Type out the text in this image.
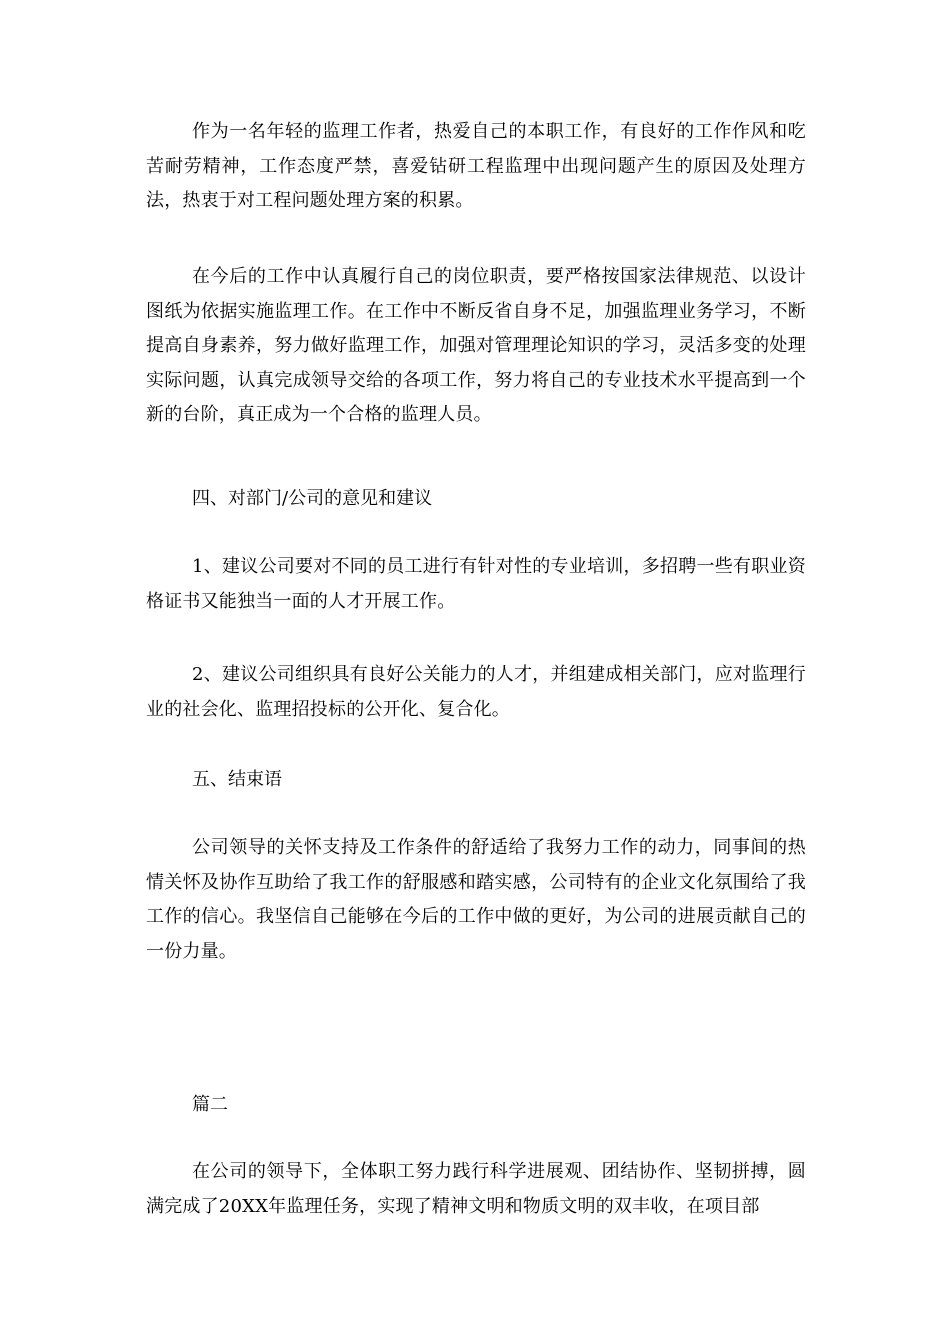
作为一名年轻的监理工作者，热爱自己的本职工作，有良好的工作作风和吃苦耐劳精神，工作态度严禁，喜爱钻研工程监理中出现问题产生的原因及处理方法，热衷于对工程问题处理方案的积累。

在今后的工作中认真履行自己的岗位职责，要严格按国家法律规范、以设计图纸为依据实施监理工作。在工作中不断反省自身不足，加强监理业务学习，不断提高自身素养，努力做好监理工作，加强对管理理论知识的学习，灵活多变的处理实际问题，认真完成领导交给的各项工作，努力将自己的专业技术水平提高到一个新的台阶，真正成为一个合格的监理人员。

四、对部门/公司的意见和建议

1、建议公司要对不同的员工进行有针对性的专业培训，多招聘一些有职业资格证书又能独当一面的人才开展工作。

2、建议公司组织具有良好公关能力的人才，并组建成相关部门，应对监理行业的社会化、监理招投标的公开化、复合化。

五、结束语

公司领导的关怀支持及工作条件的舒适给了我努力工作的动力，同事间的热情关怀及协作互助给了我工作的舒服感和踏实感，公司特有的企业文化氛围给了我工作的信心。我坚信自己能够在今后的工作中做的更好，为公司的进展贡献自己的一份力量。

篇二

在公司的领导下，全体职工努力践行科学进展观、团结协作、坚韧拼搏，圆满完成了20XX年监理任务，实现了精神文明和物质文明的双丰收，在项目部
